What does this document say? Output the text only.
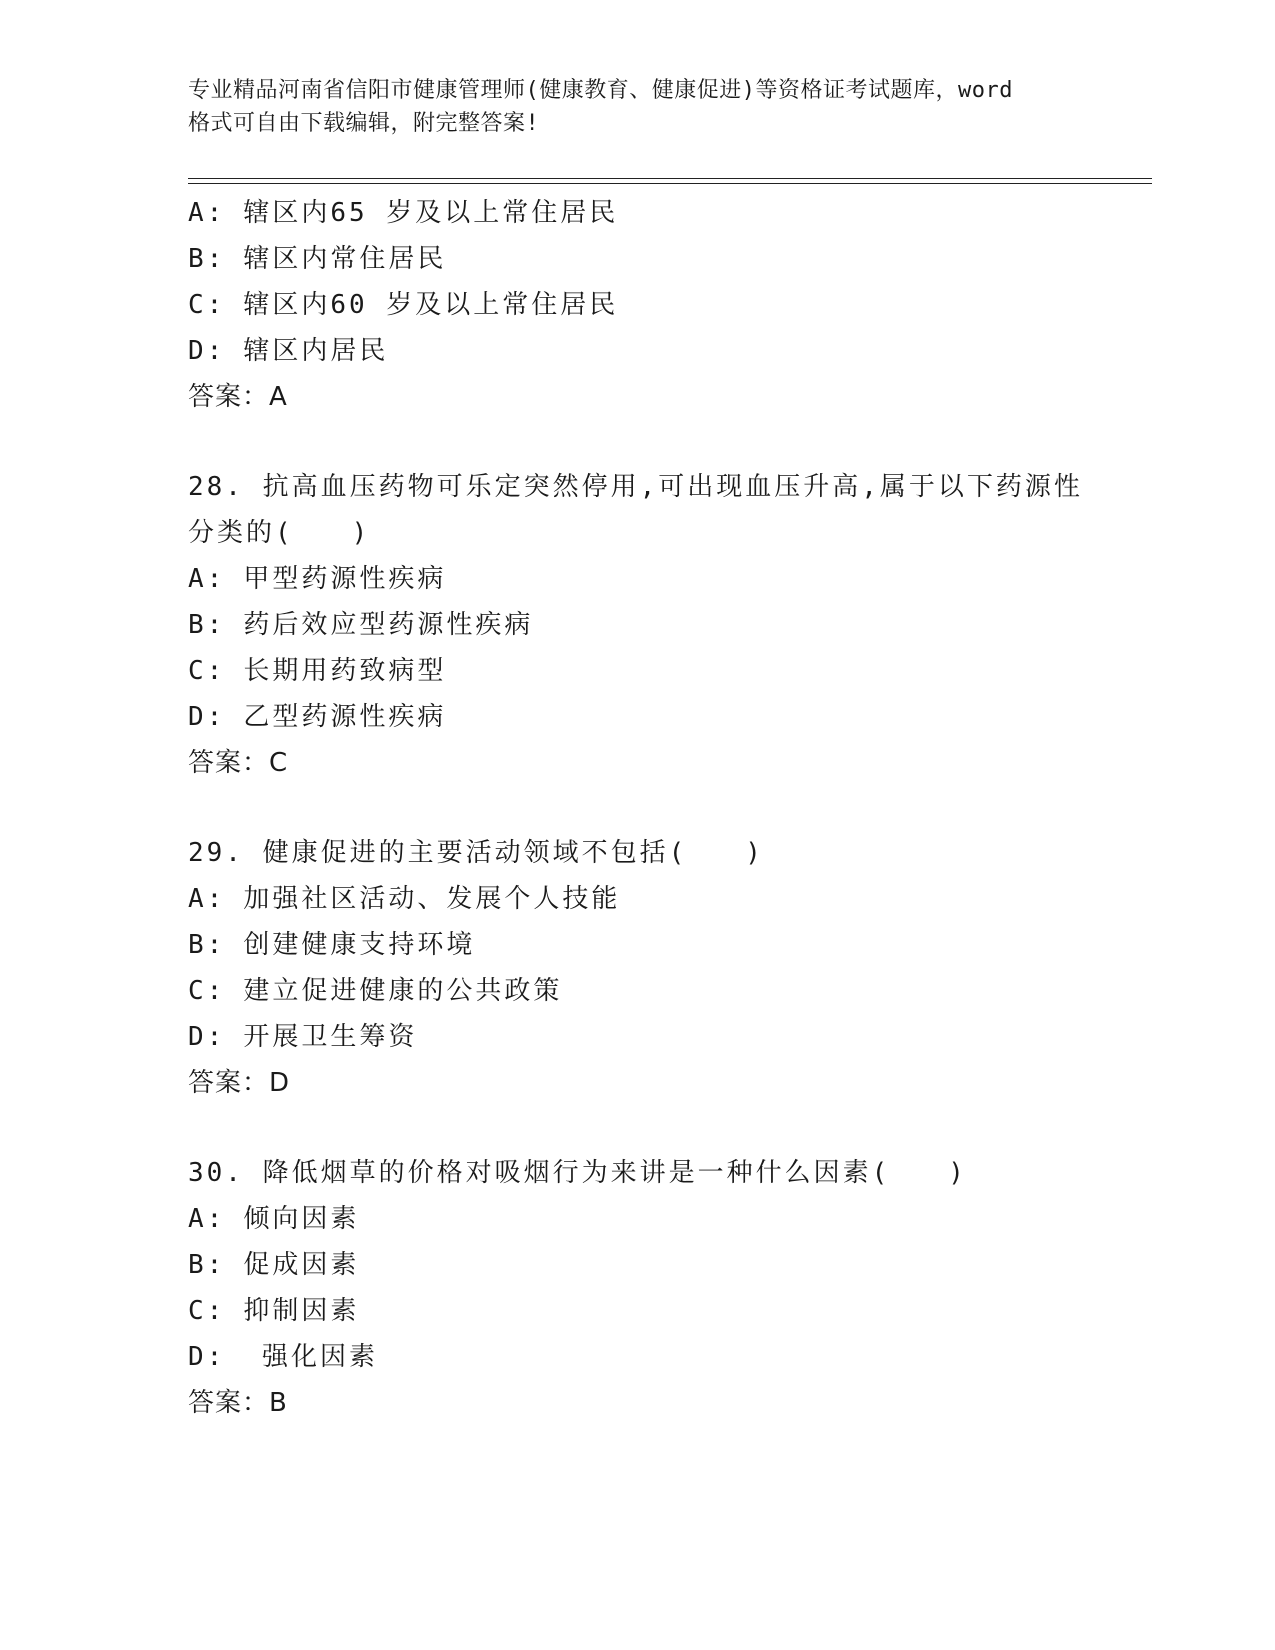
专业精品河南省信阳市健康管理师(健康教育、健康促进)等资格证考试题库，word
格式可自由下载编辑，附完整答案!
A: 辖区内65 岁及以上常住居民
B: 辖区内常住居民
C: 辖区内60 岁及以上常住居民
D: 辖区内居民
答案：A
28. 抗高血压药物可乐定突然停用,可出现血压升高,属于以下药源性
分类的(　　)
A: 甲型药源性疾病
B: 药后效应型药源性疾病
C: 长期用药致病型
D: 乙型药源性疾病
答案：C
29. 健康促进的主要活动领域不包括(　　)
A: 加强社区活动、发展个人技能
B: 创建健康支持环境
C: 建立促进健康的公共政策
D: 开展卫生筹资
答案：D
30. 降低烟草的价格对吸烟行为来讲是一种什么因素(　　)
A: 倾向因素
B: 促成因素
C: 抑制因素
D: 强化因素
答案：B
